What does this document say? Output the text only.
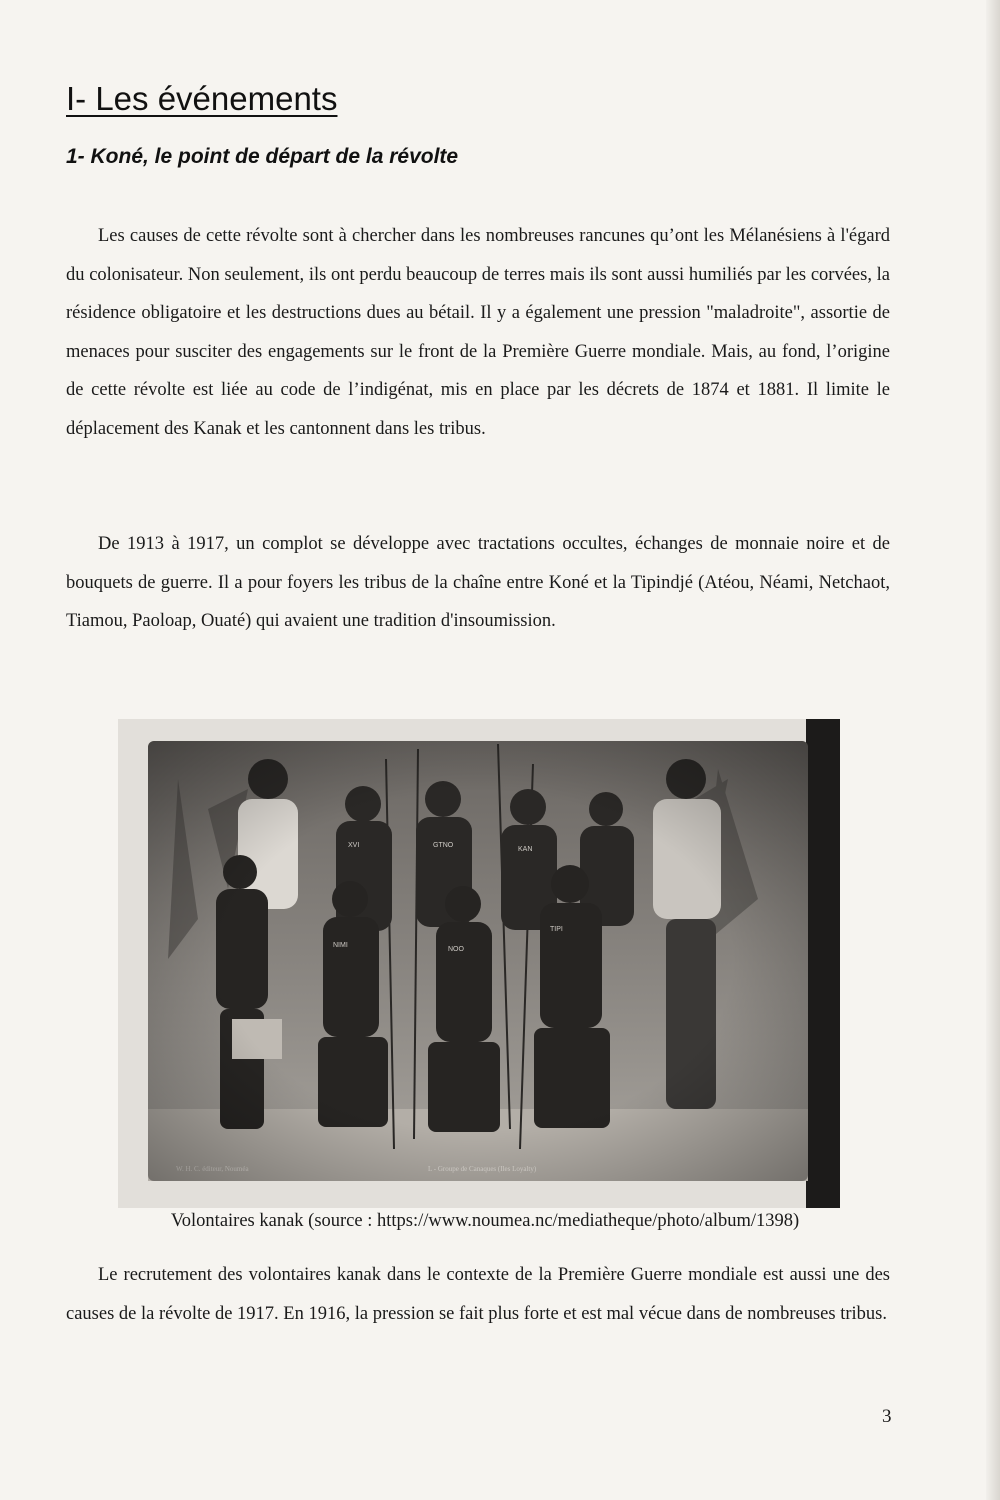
I- Les événements
1- Koné, le point de départ de la révolte

Les causes de cette révolte sont à chercher dans les nombreuses rancunes qu’ont les Mélanésiens à l'égard du colonisateur. Non seulement, ils ont perdu beaucoup de terres mais ils sont aussi humiliés par les corvées, la résidence obligatoire et les destructions dues au bétail. Il y a également une pression "maladroite", assortie de menaces pour susciter des engagements sur le front de la Première Guerre mondiale. Mais, au fond, l’origine de cette révolte est liée au code de l’indigénat, mis en place par les décrets de 1874 et 1881. Il limite le déplacement des Kanak et les cantonnent dans les tribus.

De 1913 à 1917, un complot se développe avec tractations occultes, échanges de monnaie noire et de bouquets de guerre. Il a pour foyers les tribus de la chaîne entre Koné et la Tipindjé (Atéou, Néami, Netchaot, Tiamou, Paoloap, Ouaté) qui avaient une tradition d'insoumission.

Volontaires kanak (source : https://www.noumea.nc/mediatheque/photo/album/1398)

Le recrutement des volontaires kanak dans le contexte de la Première Guerre mondiale est aussi une des causes de la révolte de 1917. En 1916, la pression se fait plus forte et est mal vécue dans de nombreuses tribus.

3
